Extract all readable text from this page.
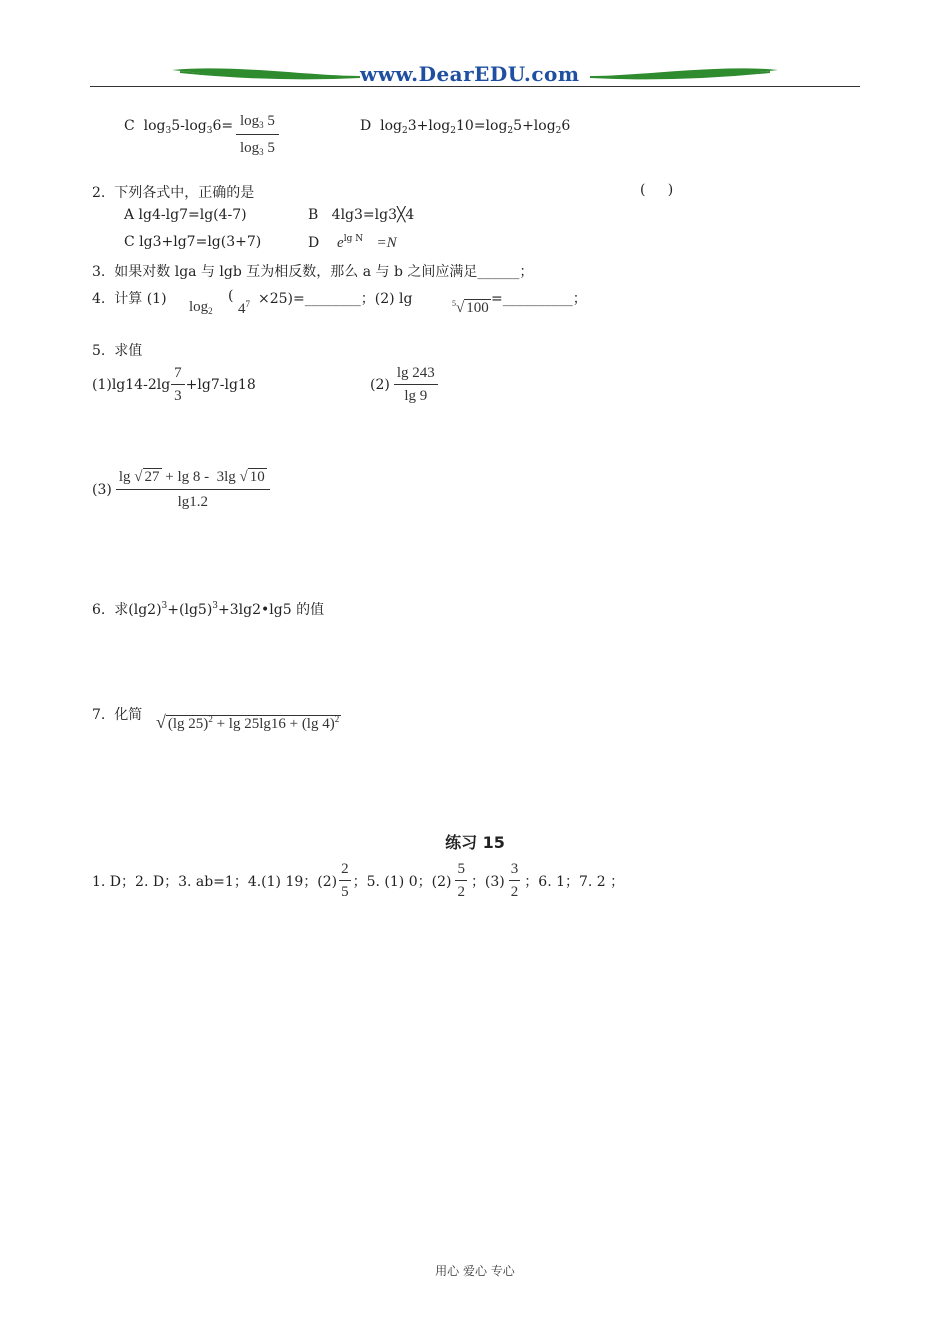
www.DearEDU.com
C $\log_35-\log_36= \frac{\log_3 5}{\log_3 5}$	D $\log_23+\log_210=\log_25+\log_26$
2. 下列各式中，正确的是	(     )
A lg4-lg7=lg(4-7)	B 4lg3=lg3╳4
C lg3+lg7=lg(3+7)	D $e^{lg N} =N$
3. 如果对数 lga 与 lgb 互为相反数，那么 a 与 b 之间应满足______；
4. 计算 (1) $\log_2$
(
$4^7$ ×25)=________；(2) lg	$^5$√ 100
=__________；
5. 求值
$(1)\lg 14-2\lg \frac{7}{3} +\lg 7-\lg 18$	$(2) \frac{\lg 243}{\lg 9}$
$(3) \frac{\lg √ 27 + \lg 8 - 3\lg √ 10}{\lg 1.2}$
6. 求$(\lg 2)^3+(\lg 5)^3+3\lg 2•\lg 5$ 的值
7. 化简 √ (lg 25)$^2$ + lg 25lg16 + (lg 4)$^2$
练习 15
1. D；2. D；3. ab=1；4.(1) 19；$(2) \frac{2}{5}$ ；5. (1) 0；$(2) \frac{5}{2}$ ；$(3) \frac{3}{2}$ ；6. 1；7. 2 ；
用心 爱心 专心
